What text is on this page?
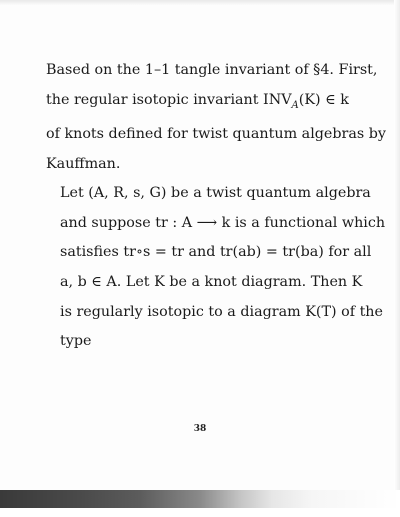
Based on the 1–1 tangle invariant of §4. First,
the regular isotopic invariant $INV_A(K)$ ∈ k
of knots defined for twist quantum algebras by
Kauffman.

Let (A, R, s, G) be a twist quantum algebra
and suppose tr : A ⟶ k is a functional which
satisfies tr∘s = tr and tr(ab) = tr(ba) for all
a, b ∈ A. Let K be a knot diagram. Then K
is regularly isotopic to a diagram K(T) of the
type

38
